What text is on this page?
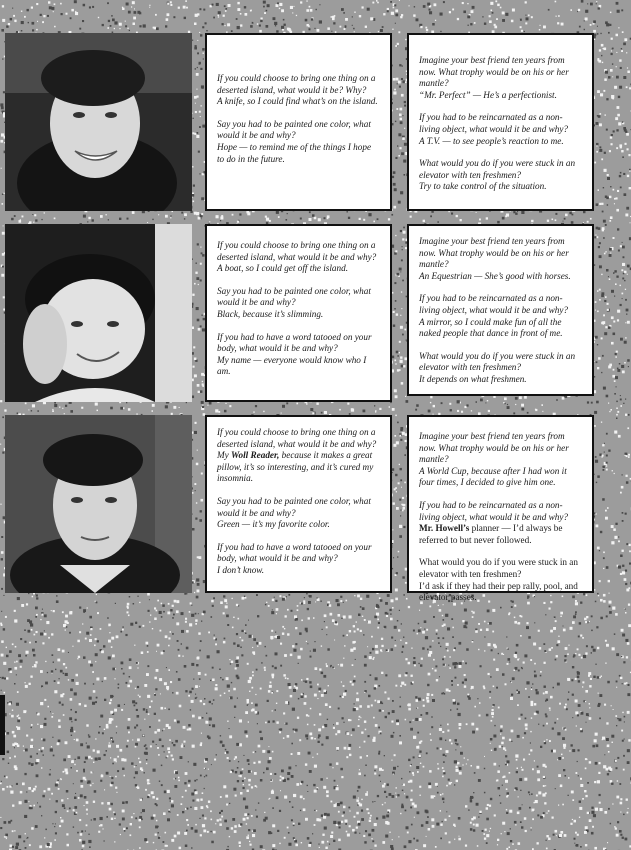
If you could choose to bring one thing on a deserted island, what would it be? Why?
A knife, so I could find what’s on the island.
Say you had to be painted one color, what would it be and why?
Hope — to remind me of the things I hope to do in the future.
Imagine your best friend ten years from now. What trophy would be on his or her mantle?
“Mr. Perfect” — He’s a perfectionist.
If you had to be reincarnated as a non-living object, what would it be and why?
A T.V. — to see people’s reaction to me.
What would you do if you were stuck in an elevator with ten freshmen?
Try to take control of the situation.
If you could choose to bring one thing on a deserted island, what would it be and why?
A boat, so I could get off the island.
Say you had to be painted one color, what would it be and why?
Black, because it’s slimming.
If you had to have a word tatooed on your body, what would it be and why?
My name — everyone would know who I am.
Imagine your best friend ten years from now. What trophy would be on his or her mantle?
An Equestrian — She’s good with horses.
If you had to be reincarnated as a non-living object, what would it be and why?
A mirror, so I could make fun of all the naked people that dance in front of me.
What would you do if you were stuck in an elevator with ten freshmen?
It depends on what freshmen.
If you could choose to bring one thing on a deserted island, what would it be and why?
My Woll Reader, because it makes a great pillow, it’s so interesting, and it’s cured my insomnia.
Say you had to be painted one color, what would it be and why?
Green — it’s my favorite color.
If you had to have a word tatooed on your body, what would it be and why?
I don’t know.
Imagine your best friend ten years from now. What trophy would be on his or her mantle?
A World Cup, because after I had won it four times, I decided to give him one.
If you had to be reincarnated as a non-living object, what would it be and why?
Mr. Howell’s planner — I’d always be referred to but never followed.
What would you do if you were stuck in an elevator with ten freshmen?
I’d ask if they had their pep rally, pool, and elevator passes.
